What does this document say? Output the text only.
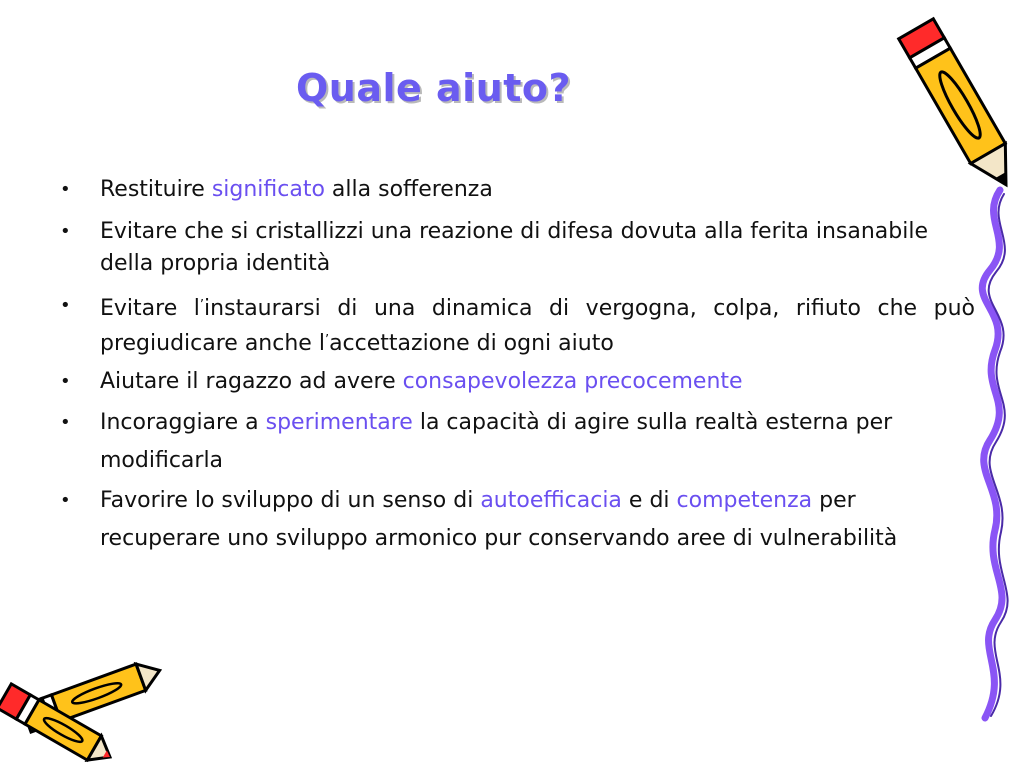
Quale aiuto?
• Restituire significato alla sofferenza
• Evitare che si cristallizzi una reazione di difesa dovuta alla ferita insanabile della propria identità
• Evitare l’instaurarsi di una dinamica di vergogna, colpa, rifiuto che può pregiudicare anche l’accettazione di ogni aiuto
• Aiutare il ragazzo ad avere consapevolezza precocemente
• Incoraggiare a sperimentare la capacità di agire sulla realtà esterna per modificarla
• Favorire lo sviluppo di un senso di autoefficacia e di competenza per recuperare uno sviluppo armonico pur conservando aree di vulnerabilità
